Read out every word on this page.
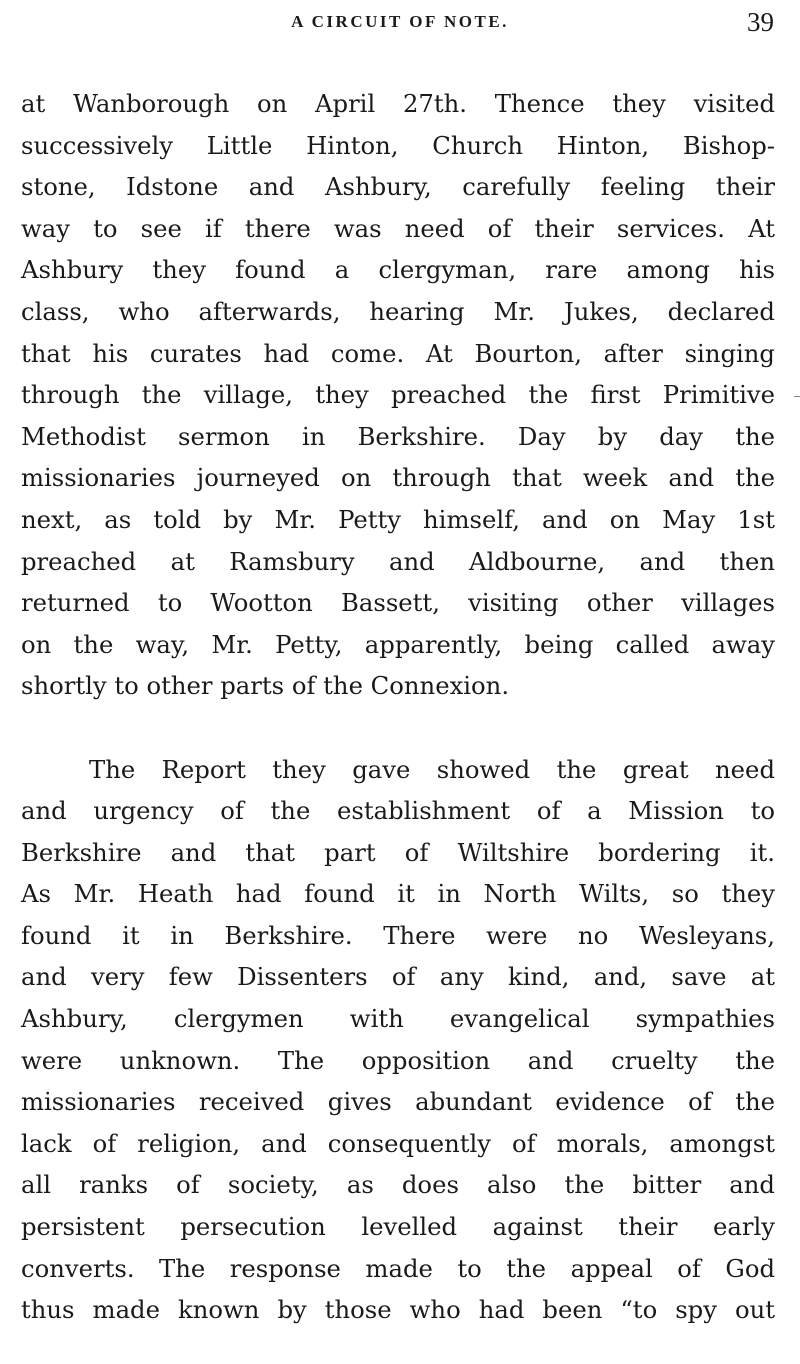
A CIRCUIT OF NOTE.	39

at Wanborough on April 27th. Thence they visited
successively Little Hinton, Church Hinton, Bishop-
stone, Idstone and Ashbury, carefully feeling their
way to see if there was need of their services. At
Ashbury they found a clergyman, rare among his
class, who afterwards, hearing Mr. Jukes, declared
that his curates had come. At Bourton, after singing
through the village, they preached the first Primitive
Methodist sermon in Berkshire. Day by day the
missionaries journeyed on through that week and the
next, as told by Mr. Petty himself, and on May 1st
preached at Ramsbury and Aldbourne, and then
returned to Wootton Bassett, visiting other villages
on the way, Mr. Petty, apparently, being called away
shortly to other parts of the Connexion.

The Report they gave showed the great need
and urgency of the establishment of a Mission to
Berkshire and that part of Wiltshire bordering it.
As Mr. Heath had found it in North Wilts, so they
found it in Berkshire. There were no Wesleyans,
and very few Dissenters of any kind, and, save at
Ashbury, clergymen with evangelical sympathies
were unknown. The opposition and cruelty the
missionaries received gives abundant evidence of the
lack of religion, and consequently of morals, amongst
all ranks of society, as does also the bitter and
persistent persecution levelled against their early
converts. The response made to the appeal of God
thus made known by those who had been “to spy out
